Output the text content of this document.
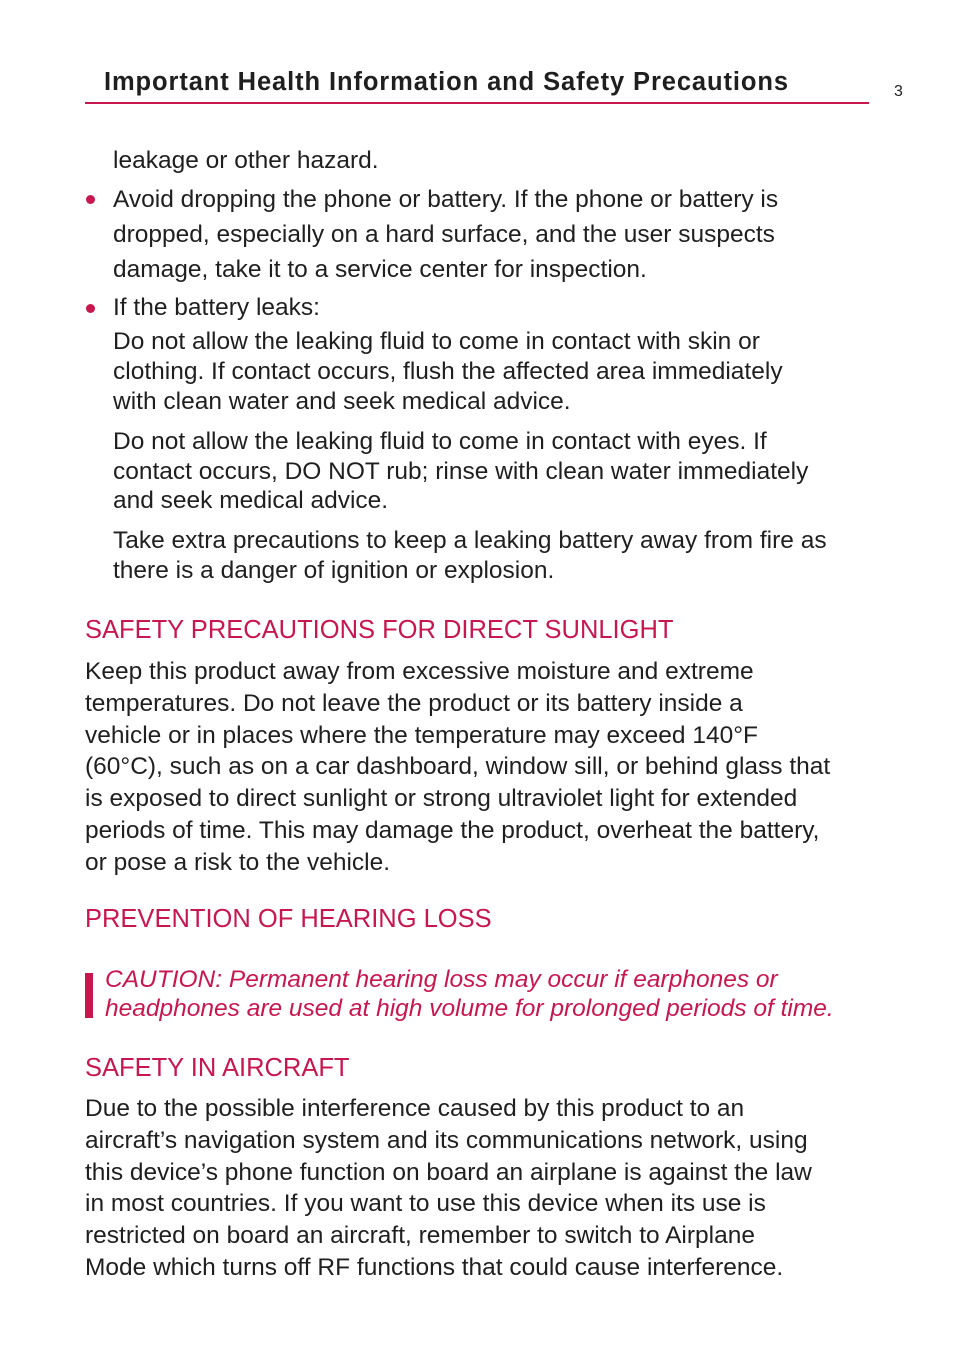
Important Health Information and Safety Precautions	3
leakage or other hazard.
Avoid dropping the phone or battery. If the phone or battery is
dropped, especially on a hard surface, and the user suspects
damage, take it to a service center for inspection.
If the battery leaks:
Do not allow the leaking fluid to come in contact with skin or
clothing. If contact occurs, flush the affected area immediately
with clean water and seek medical advice.
Do not allow the leaking fluid to come in contact with eyes. If
contact occurs, DO NOT rub; rinse with clean water immediately
and seek medical advice.
Take extra precautions to keep a leaking battery away from fire as
there is a danger of ignition or explosion.
SAFETY PRECAUTIONS FOR DIRECT SUNLIGHT
Keep this product away from excessive moisture and extreme
temperatures. Do not leave the product or its battery inside a
vehicle or in places where the temperature may exceed 140°F
(60°C), such as on a car dashboard, window sill, or behind glass that
is exposed to direct sunlight or strong ultraviolet light for extended
periods of time. This may damage the product, overheat the battery,
or pose a risk to the vehicle.
PREVENTION OF HEARING LOSS
CAUTION: Permanent hearing loss may occur if earphones or
headphones are used at high volume for prolonged periods of time.
SAFETY IN AIRCRAFT
Due to the possible interference caused by this product to an
aircraft’s navigation system and its communications network, using
this device’s phone function on board an airplane is against the law
in most countries. If you want to use this device when its use is
restricted on board an aircraft, remember to switch to Airplane
Mode which turns off RF functions that could cause interference.
